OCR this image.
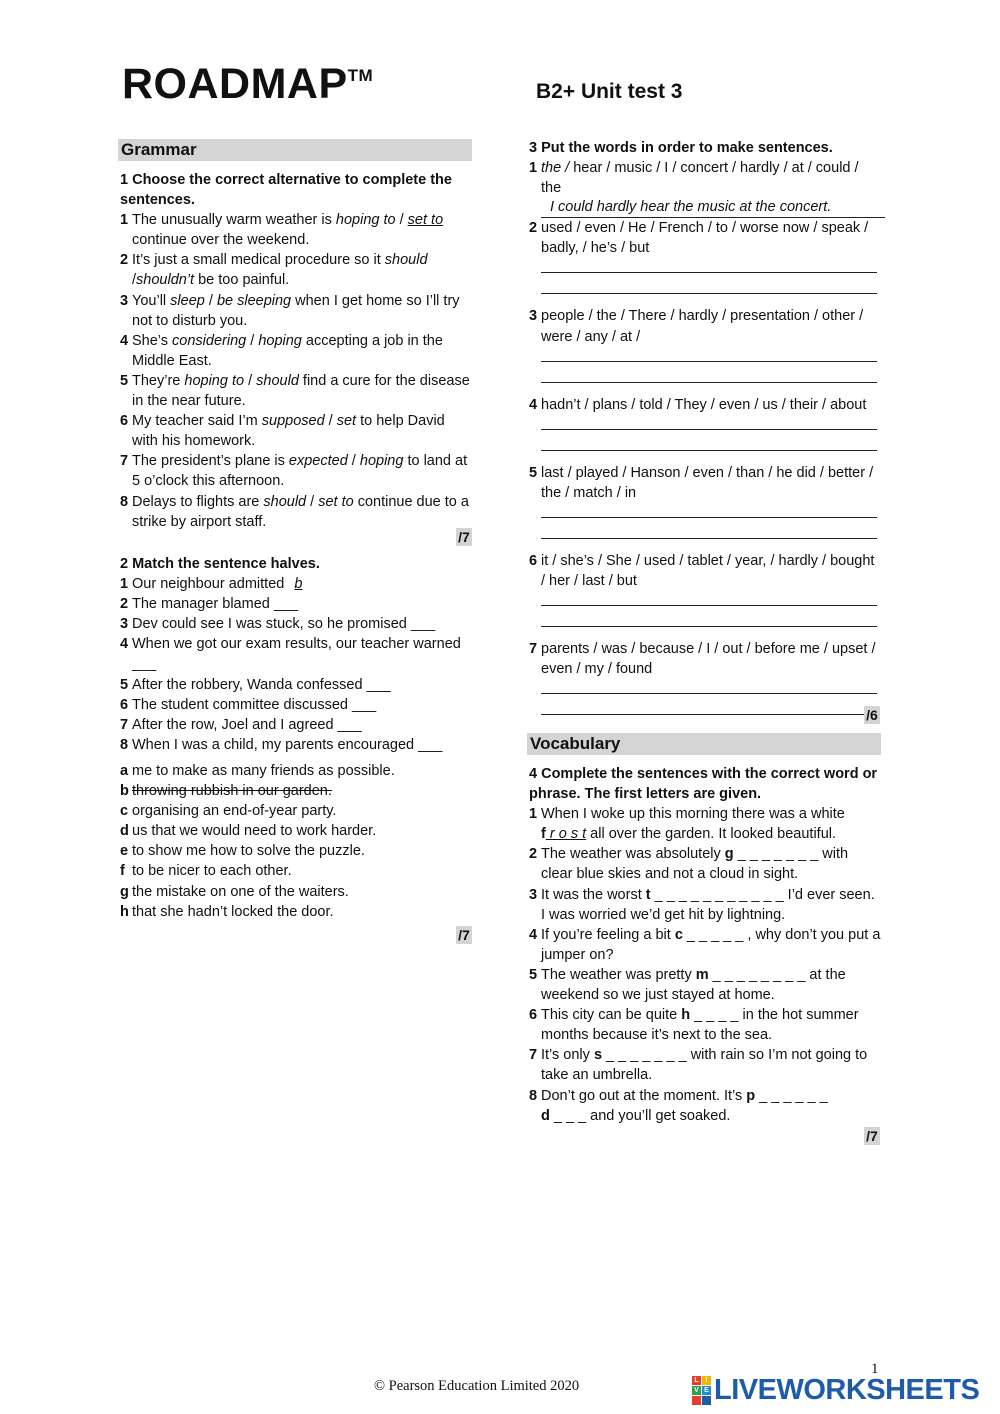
ROADMAP™
B2+ Unit test 3
Grammar
1 Choose the correct alternative to complete the sentences.
1 The unusually warm weather is hoping to / set to
continue over the weekend.
2 It’s just a small medical procedure so it should /shouldn’t be too painful.
3 You’ll sleep / be sleeping when I get home so I’ll try not to disturb you.
4 She’s considering / hoping accepting a job in the Middle East.
5 They’re hoping to / should find a cure for the disease in the near future.
6 My teacher said I’m supposed / set to help David with his homework.
7 The president’s plane is expected / hoping to land at 5 o’clock this afternoon.
8 Delays to flights are should / set to continue due to a strike by airport staff.
/7
2 Match the sentence halves.
1 Our neighbour admitted b
2 The manager blamed ___
3 Dev could see I was stuck, so he promised ___
4 When we got our exam results, our teacher warned ___
5 After the robbery, Wanda confessed ___
6 The student committee discussed ___
7 After the row, Joel and I agreed ___
8 When I was a child, my parents encouraged ___
a me to make as many friends as possible.
b throwing rubbish in our garden.
c organising an end-of-year party.
d us that we would need to work harder.
e to show me how to solve the puzzle.
f to be nicer to each other.
g the mistake on one of the waiters.
h that she hadn’t locked the door.
/7
3 Put the words in order to make sentences.
1 the / hear / music / I / concert / hardly / at / could / the
I could hardly hear the music at the concert.
2 used / even / He / French / to / worse now / speak / badly, / he’s / but
3 people / the / There / hardly / presentation / other / were / any / at /
4 hadn’t / plans / told / They / even / us / their / about
5 last / played / Hanson / even / than / he did / better / the / match / in
6 it / she’s / She / used / tablet / year, / hardly / bought / her / last / but
7 parents / was / because / I / out / before me / upset / even / my / found
/6
Vocabulary
4 Complete the sentences with the correct word or phrase. The first letters are given.
1 When I woke up this morning there was a white
f r o s t all over the garden. It looked beautiful.
2 The weather was absolutely g _ _ _ _ _ _ _ with clear blue skies and not a cloud in sight.
3 It was the worst t _ _ _ _ _ _ _ _ _ _ _ I’d ever seen. I was worried we’d get hit by lightning.
4 If you’re feeling a bit c _ _ _ _ _ , why don’t you put a jumper on?
5 The weather was pretty m _ _ _ _ _ _ _ _ at the weekend so we just stayed at home.
6 This city can be quite h _ _ _ _ in the hot summer months because it’s next to the sea.
7 It’s only s _ _ _ _ _ _ _ with rain so I’m not going to take an umbrella.
8 Don’t go out at the moment. It’s p _ _ _ _ _ _
d _ _ _ and you’ll get soaked.
/7
1
© Pearson Education Limited 2020	L I
V E LIVEWORKSHEETS
